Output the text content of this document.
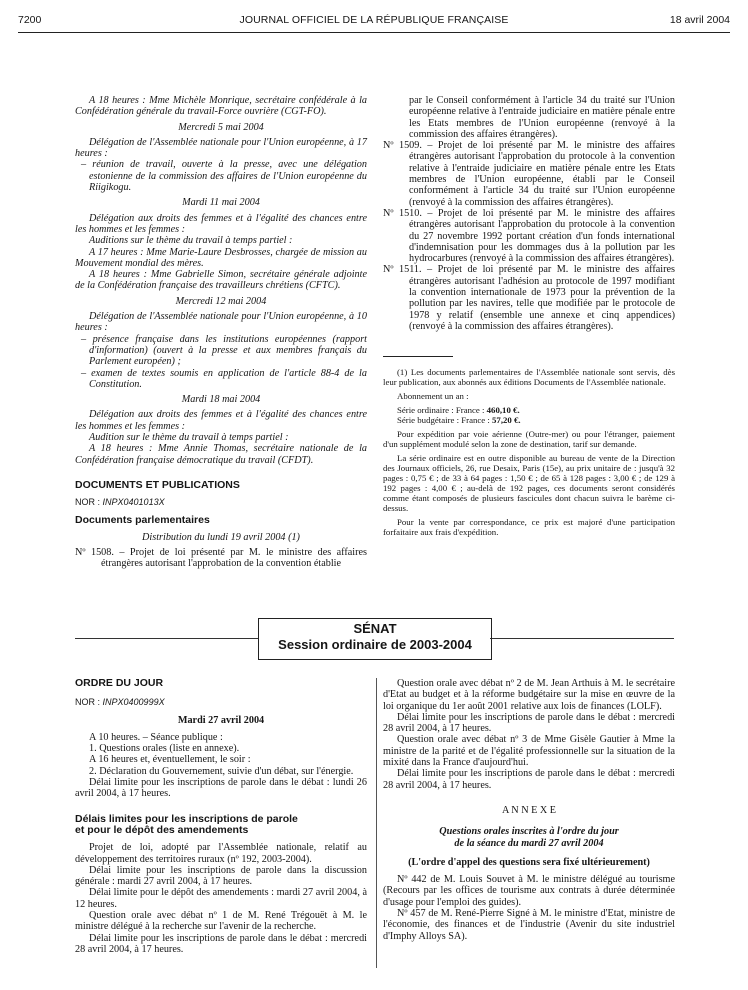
7200	JOURNAL OFFICIEL DE LA RÉPUBLIQUE FRANÇAISE	18 avril 2004

A 18 heures : Mme Michèle Monrique, secrétaire confédérale à la Confédération générale du travail-Force ouvrière (CGT-FO).

Mercredi 5 mai 2004

Délégation de l'Assemblée nationale pour l'Union européenne, à 17 heures :

– réunion de travail, ouverte à la presse, avec une délégation estonienne de la commission des affaires de l'Union européenne du Riigikogu.

Mardi 11 mai 2004

Délégation aux droits des femmes et à l'égalité des chances entre les hommes et les femmes :

Auditions sur le thème du travail à temps partiel :

A 17 heures : Mme Marie-Laure Desbrosses, chargée de mission au Mouvement mondial des mères.

A 18 heures : Mme Gabrielle Simon, secrétaire générale adjointe de la Confédération française des travailleurs chrétiens (CFTC).

Mercredi 12 mai 2004

Délégation de l'Assemblée nationale pour l'Union européenne, à 10 heures :

– présence française dans les institutions européennes (rapport d'information) (ouvert à la presse et aux membres français du Parlement européen) ;

– examen de textes soumis en application de l'article 88-4 de la Constitution.

Mardi 18 mai 2004

Délégation aux droits des femmes et à l'égalité des chances entre les hommes et les femmes :

Audition sur le thème du travail à temps partiel :

A 18 heures : Mme Annie Thomas, secrétaire nationale de la Confédération française démocratique du travail (CFDT).

DOCUMENTS ET PUBLICATIONS

NOR : INPX0401013X

Documents parlementaires

Distribution du lundi 19 avril 2004 (1)

Nº 1508. – Projet de loi présenté par M. le ministre des affaires étrangères autorisant l'approbation de la convention établie

par le Conseil conformément à l'article 34 du traité sur l'Union européenne relative à l'entraide judiciaire en matière pénale entre les Etats membres de l'Union européenne (renvoyé à la commission des affaires étrangères).

Nº 1509. – Projet de loi présenté par M. le ministre des affaires étrangères autorisant l'approbation du protocole à la convention relative à l'entraide judiciaire en matière pénale entre les Etats membres de l'Union européenne, établi par le Conseil conformément à l'article 34 du traité sur l'Union européenne (renvoyé à la commission des affaires étrangères).

Nº 1510. – Projet de loi présenté par M. le ministre des affaires étrangères autorisant l'approbation du protocole à la convention du 27 novembre 1992 portant création d'un fonds international d'indemnisation pour les dommages dus à la pollution par les hydrocarbures (renvoyé à la commission des affaires étrangères).

Nº 1511. – Projet de loi présenté par M. le ministre des affaires étrangères autorisant l'adhésion au protocole de 1997 modifiant la convention internationale de 1973 pour la prévention de la pollution par les navires, telle que modifiée par le protocole de 1978 y relatif (ensemble une annexe et cinq appendices) (renvoyé à la commission des affaires étrangères).

(1) Les documents parlementaires de l'Assemblée nationale sont servis, dès leur publication, aux abonnés aux éditions Documents de l'Assemblée nationale.

Abonnement un an :

Série ordinaire : France : 460,10 €.

Série budgétaire : France : 57,20 €.

Pour expédition par voie aérienne (Outre-mer) ou pour l'étranger, paiement d'un supplément modulé selon la zone de destination, tarif sur demande.

La série ordinaire est en outre disponible au bureau de vente de la Direction des Journaux officiels, 26, rue Desaix, Paris (15e), au prix unitaire de : jusqu'à 32 pages : 0,75 € ; de 33 à 64 pages : 1,50 € ; de 65 à 128 pages : 3,00 € ; de 129 à 192 pages : 4,00 € ; au-delà de 192 pages, ces documents seront considérés comme étant composés de plusieurs fascicules dont chacun suivra le barème ci-dessus.

Pour la vente par correspondance, ce prix est majoré d'une participation forfaitaire aux frais d'expédition.

SÉNAT
Session ordinaire de 2003-2004

ORDRE DU JOUR

NOR : INPX0400999X

Mardi 27 avril 2004

A 10 heures. – Séance publique :

1. Questions orales (liste en annexe).

A 16 heures et, éventuellement, le soir :

2. Déclaration du Gouvernement, suivie d'un débat, sur l'énergie.

Délai limite pour les inscriptions de parole dans le débat : lundi 26 avril 2004, à 17 heures.

Délais limites pour les inscriptions de parole

et pour le dépôt des amendements

Projet de loi, adopté par l'Assemblée nationale, relatif au développement des territoires ruraux (nº 192, 2003-2004).

Délai limite pour les inscriptions de parole dans la discussion générale : mardi 27 avril 2004, à 17 heures.

Délai limite pour le dépôt des amendements : mardi 27 avril 2004, à 12 heures.

Question orale avec débat nº 1 de M. René Trégouët à M. le ministre délégué à la recherche sur l'avenir de la recherche.

Délai limite pour les inscriptions de parole dans le débat : mercredi 28 avril 2004, à 17 heures.

Question orale avec débat nº 2 de M. Jean Arthuis à M. le secrétaire d'Etat au budget et à la réforme budgétaire sur la mise en œuvre de la loi organique du 1er août 2001 relative aux lois de finances (LOLF).

Délai limite pour les inscriptions de parole dans le débat : mercredi 28 avril 2004, à 17 heures.

Question orale avec débat nº 3 de Mme Gisèle Gautier à Mme la ministre de la parité et de l'égalité professionnelle sur la situation de la mixité dans la France d'aujourd'hui.

Délai limite pour les inscriptions de parole dans le débat : mercredi 28 avril 2004, à 17 heures.

A N N E X E

Questions orales inscrites à l'ordre du jour

de la séance du mardi 27 avril 2004

(L'ordre d'appel des questions sera fixé ultérieurement)

Nº 442 de M. Louis Souvet à M. le ministre délégué au tourisme (Recours par les offices de tourisme aux contrats à durée déterminée d'usage pour l'emploi des guides).

Nº 457 de M. René-Pierre Signé à M. le ministre d'Etat, ministre de l'économie, des finances et de l'industrie (Avenir du site industriel d'Imphy Alloys SA).
